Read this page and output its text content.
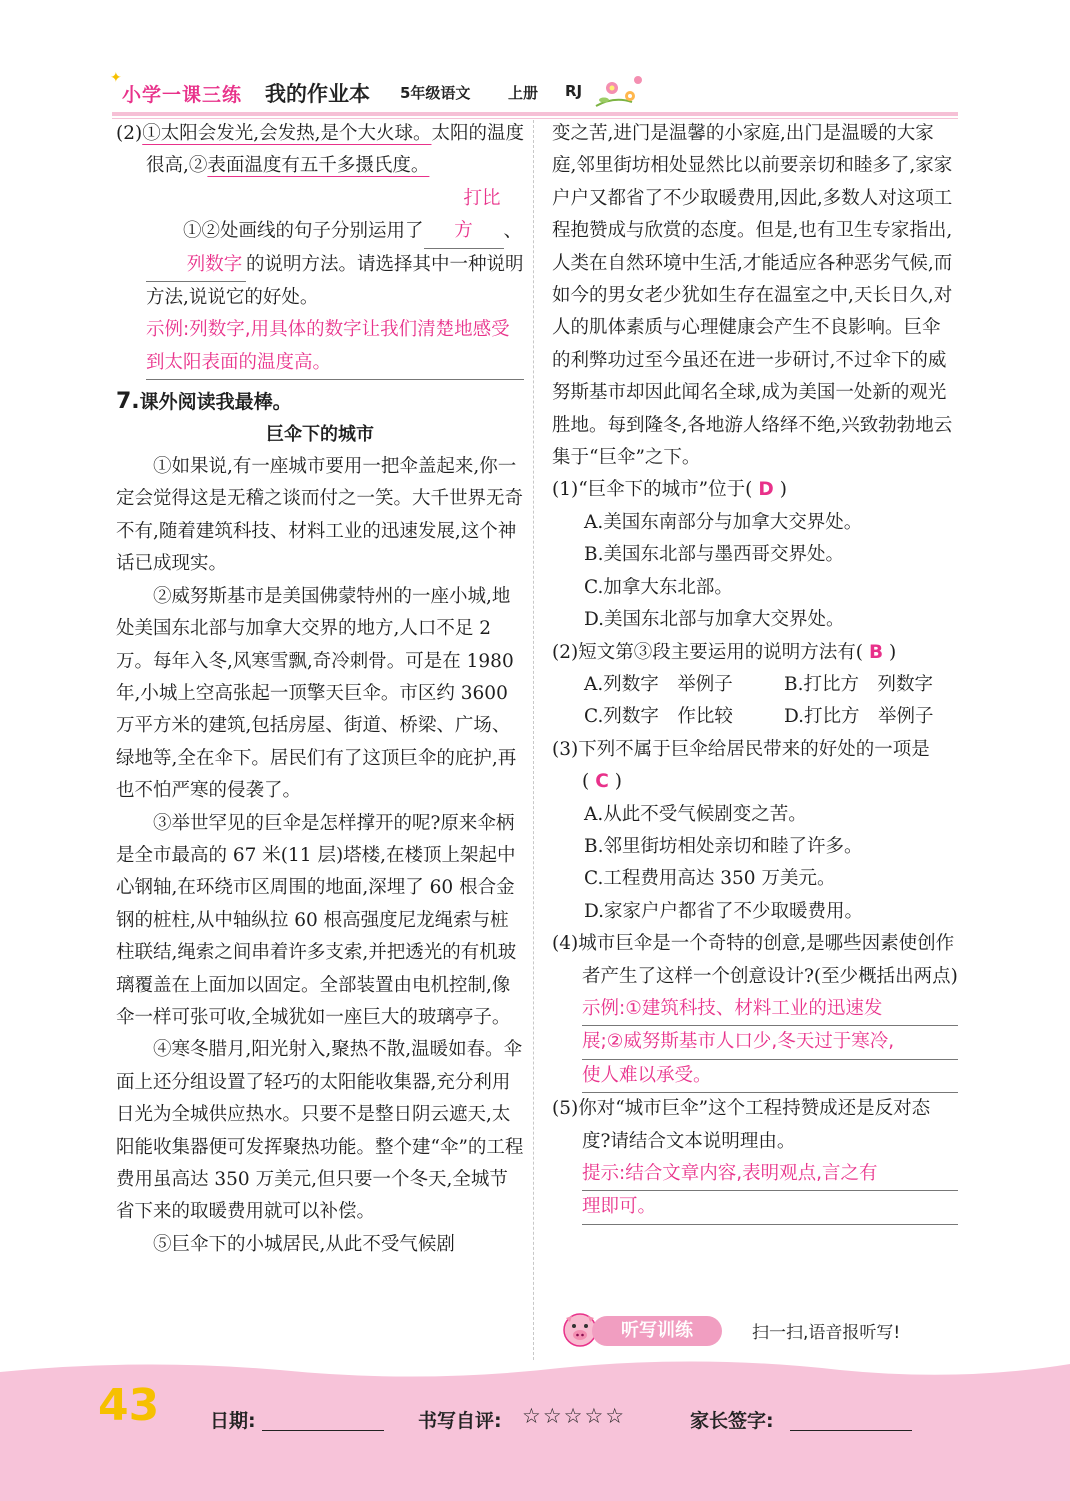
✦
小学一课三练 我的作业本 5年级语文	上册 RJ
(2)①太阳会发光,会发热,是个大火球。太阳的温度很高,②表面温度有五千多摄氏度。
①②处画线的句子分别运用了打比方 、列数字 的说明方法。请选择其中一种说明方法,说说它的好处。
示例:列数字,用具体的数字让我们清楚地感受到太阳表面的温度高。
7.课外阅读我最棒。
巨伞下的城市
①如果说,有一座城市要用一把伞盖起来,你一定会觉得这是无稽之谈而付之一笑。大千世界无奇不有,随着建筑科技、材料工业的迅速发展,这个神话已成现实。
②威努斯基市是美国佛蒙特州的一座小城,地处美国东北部与加拿大交界的地方,人口不足 2 万。每年入冬,风寒雪飘,奇冷刺骨。可是在 1980 年,小城上空高张起一顶擎天巨伞。市区约 3600 万平方米的建筑,包括房屋、街道、桥梁、广场、绿地等,全在伞下。居民们有了这顶巨伞的庇护,再也不怕严寒的侵袭了。
③举世罕见的巨伞是怎样撑开的呢?原来伞柄是全市最高的 67 米(11 层)塔楼,在楼顶上架起中心钢轴,在环绕市区周围的地面,深埋了 60 根合金钢的桩柱,从中轴纵拉 60 根高强度尼龙绳索与桩柱联结,绳索之间串着许多支索,并把透光的有机玻璃覆盖在上面加以固定。全部装置由电机控制,像伞一样可张可收,全城犹如一座巨大的玻璃亭子。
④寒冬腊月,阳光射入,聚热不散,温暖如春。伞面上还分组设置了轻巧的太阳能收集器,充分利用日光为全城供应热水。只要不是整日阴云遮天,太阳能收集器便可发挥聚热功能。整个建“伞”的工程费用虽高达 350 万美元,但只要一个冬天,全城节省下来的取暖费用就可以补偿。
⑤巨伞下的小城居民,从此不受气候剧
变之苦,进门是温馨的小家庭,出门是温暖的大家庭,邻里街坊相处显然比以前要亲切和睦多了,家家户户又都省了不少取暖费用,因此,多数人对这项工程抱赞成与欣赏的态度。但是,也有卫生专家指出,人类在自然环境中生活,才能适应各种恶劣气候,而如今的男女老少犹如生存在温室之中,天长日久,对人的肌体素质与心理健康会产生不良影响。巨伞的利弊功过至今虽还在进一步研讨,不过伞下的威努斯基市却因此闻名全球,成为美国一处新的观光胜地。每到隆冬,各地游人络绎不绝,兴致勃勃地云集于“巨伞”之下。
(1)“巨伞下的城市”位于( D )
A.美国东南部分与加拿大交界处。
B.美国东北部与墨西哥交界处。
C.加拿大东北部。
D.美国东北部与加拿大交界处。
(2)短文第③段主要运用的说明方法有( B )
A.列数字　举例子	B.打比方　列数字
C.列数字　作比较	D.打比方　举例子
(3)下列不属于巨伞给居民带来的好处的一项是( C )
A.从此不受气候剧变之苦。
B.邻里街坊相处亲切和睦了许多。
C.工程费用高达 350 万美元。
D.家家户户都省了不少取暖费用。
(4)城市巨伞是一个奇特的创意,是哪些因素使创作者产生了这样一个创意设计?(至少概括出两点)
示例:①建筑科技、材料工业的迅速发
展;②威努斯基市人口少,冬天过于寒冷,
使人难以承受。
(5)你对“城市巨伞”这个工程持赞成还是反对态度?请结合文本说明理由。
提示:结合文章内容,表明观点,言之有
理即可。
听写训练	扫一扫,语音报听写!
43	日期:	书写自评: ☆☆☆☆☆	家长签字:
